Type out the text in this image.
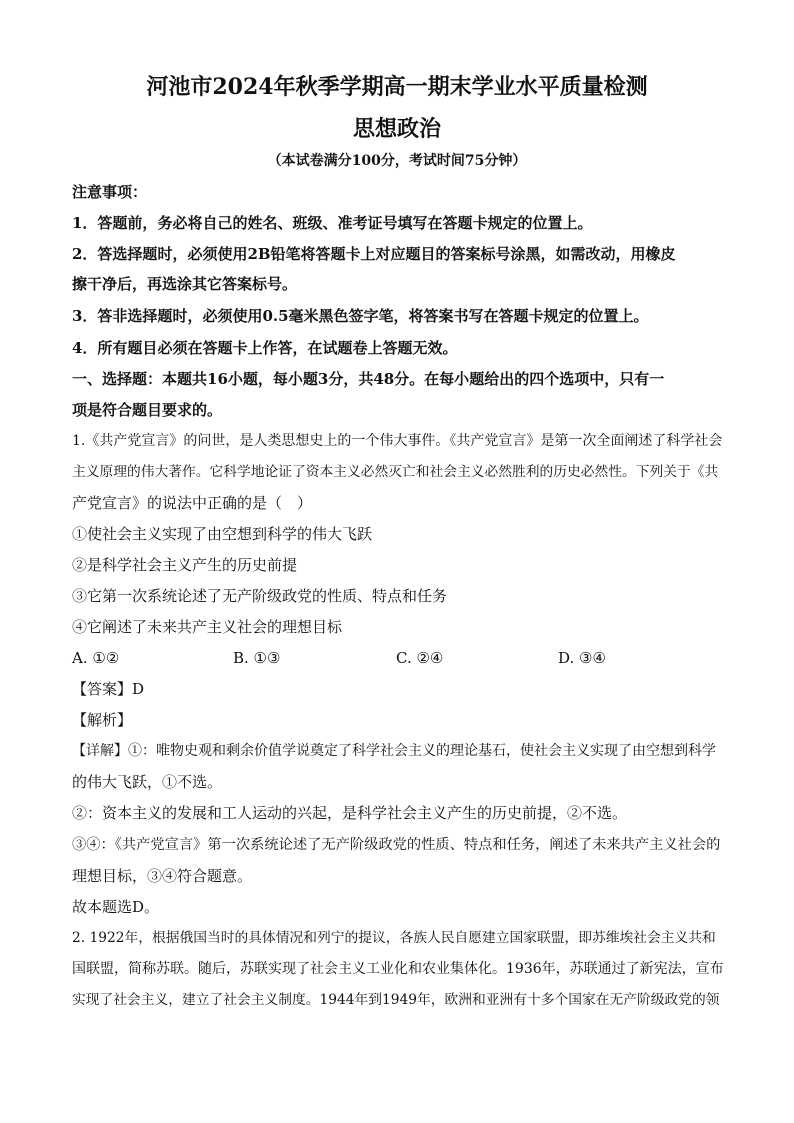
河池市2024年秋季学期高一期末学业水平质量检测
思想政治
（本试卷满分100分，考试时间75分钟）
注意事项：
1．答题前，务必将自己的姓名、班级、准考证号填写在答题卡规定的位置上。
2．答选择题时，必须使用2B铅笔将答题卡上对应题目的答案标号涂黑，如需改动，用橡皮
擦干净后，再选涂其它答案标号。
3．答非选择题时，必须使用0.5毫米黑色签字笔，将答案书写在答题卡规定的位置上。
4．所有题目必须在答题卡上作答，在试题卷上答题无效。
一、选择题：本题共16小题，每小题3分，共48分。在每小题给出的四个选项中，只有一
项是符合题目要求的。
1.《共产党宣言》的问世，是人类思想史上的一个伟大事件。《共产党宣言》是第一次全面阐述了科学社会
主义原理的伟大著作。它科学地论证了资本主义必然灭亡和社会主义必然胜利的历史必然性。下列关于《共
产党宣言》的说法中正确的是（　）
①使社会主义实现了由空想到科学的伟大飞跃
②是科学社会主义产生的历史前提
③它第一次系统论述了无产阶级政党的性质、特点和任务
④它阐述了未来共产主义社会的理想目标
A. ①②	B. ①③	C. ②④	D. ③④
【答案】D
【解析】
【详解】①：唯物史观和剩余价值学说奠定了科学社会主义的理论基石，使社会主义实现了由空想到科学
的伟大飞跃，①不选。
②：资本主义的发展和工人运动的兴起，是科学社会主义产生的历史前提，②不选。
③④：《共产党宣言》第一次系统论述了无产阶级政党的性质、特点和任务，阐述了未来共产主义社会的
理想目标，③④符合题意。
故本题选D。
2. 1922年，根据俄国当时的具体情况和列宁的提议，各族人民自愿建立国家联盟，即苏维埃社会主义共和
国联盟，简称苏联。随后，苏联实现了社会主义工业化和农业集体化。1936年，苏联通过了新宪法，宣布
实现了社会主义，建立了社会主义制度。1944年到1949年，欧洲和亚洲有十多个国家在无产阶级政党的领
